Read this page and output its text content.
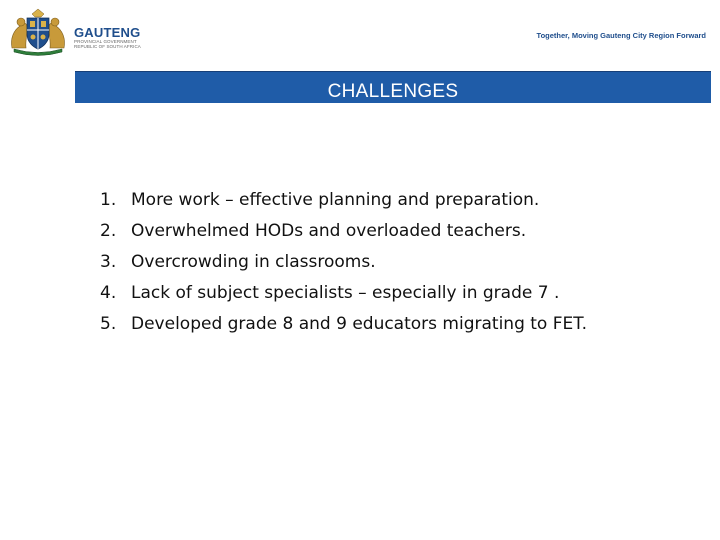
GAUTENG
PROVINCIAL GOVERNMENT
REPUBLIC OF SOUTH AFRICA
Together, Moving Gauteng City Region Forward
CHALLENGES
1. More work – effective planning and preparation.
2. Overwhelmed HODs and overloaded teachers.
3. Overcrowding in classrooms.
4. Lack of subject specialists – especially in grade 7 .
5. Developed grade 8 and 9 educators migrating to FET.
